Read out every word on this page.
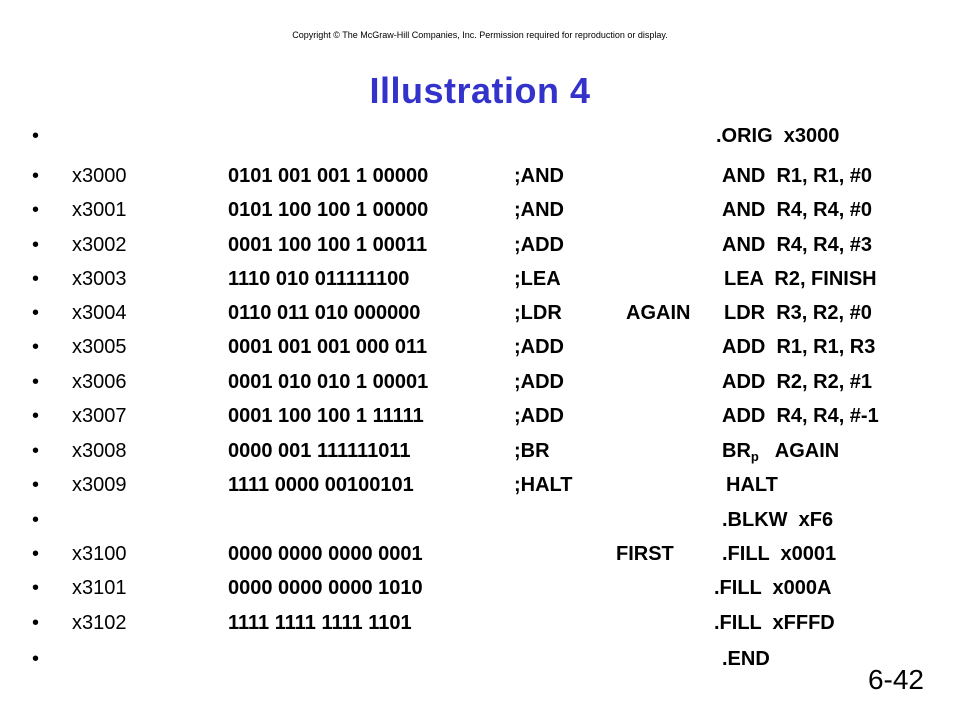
Copyright © The McGraw-Hill Companies, Inc. Permission required for reproduction or display.
Illustration 4
•	.ORIG  x3000
• x3000	0101 001 001 1 00000	;AND	AND  R1, R1, #0
• x3001	0101 100 100 1 00000	;AND	AND  R4, R4, #0
• x3002	0001 100 100 1 00011	;ADD	AND  R4, R4, #3
• x3003	1110 010 011111100	;LEA	LEA  R2, FINISH
• x3004	0110 011 010 000000	;LDR	AGAIN LDR  R3, R2, #0
• x3005	0001 001 001 000 011	;ADD	ADD  R1, R1, R3
• x3006	0001 010 010 1 00001	;ADD	ADD  R2, R2, #1
• x3007	0001 100 100 1 11111	;ADD	ADD  R4, R4, #-1
• x3008	0000 001 111111011	;BR	$BR_p$   AGAIN
• x3009	1111 0000 00100101	;HALT	HALT
•	.BLKW  xF6
• x3100	0000 0000 0000 0001	FIRST .FILL  x0001
• x3101	0000 0000 0000 1010	.FILL  x000A
• x3102	1111 1111 1111 1101	.FILL  xFFFD
•	.END
6-42
